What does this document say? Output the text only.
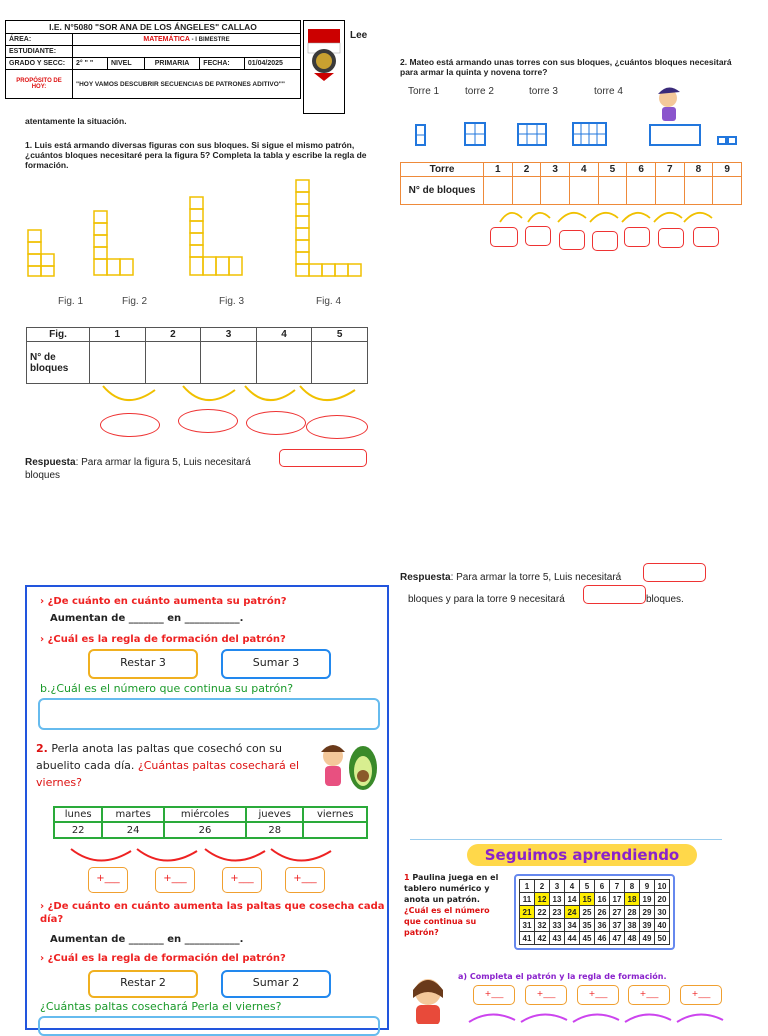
I.E. N°5080 "SOR ANA DE LOS ÁNGELES" CALLAO					
ÁREA:	MATEMÁTICA - I BIMESTRE				
ESTUDIANTE:					
GRADO Y SECC:	2° " "	NIVEL	PRIMARIA	FECHA:	01/04/2025
PROPÓSITO DE HOY:	"HOY VAMOS DESCUBRIR SECUENCIAS DE PATRONES ADITIVO""				
Lee
atentamente la situación.
1. Luis está armando diversas figuras con sus bloques. Si sigue el mismo patrón, ¿cuántos bloques necesitaré pera la figura 5? Completa la tabla y escribe la regla de formación.
Fig. 1	Fig. 2	Fig. 3	Fig. 4
Fig.	1	2	3	4	5
N° de bloques					
Respuesta: Para armar la figura 5, Luis necesitará
bloques
2. Mateo está armando unas torres con sus bloques, ¿cuántos bloques necesitará para armar la quinta y novena torre?
Torre 1	torre 2	torre 3	torre 4
Torre	1	2	3	4	5	6	7	8	9
N° de bloques									
Respuesta: Para armar la torre 5, Luis necesitará
bloques y para la torre 9 necesitará	bloques.
› ¿De cuánto en cuánto aumenta su patrón?
Aumentan de _______ en ___________.
› ¿Cuál es la regla de formación del patrón?
Restar 3	Sumar 3
b.¿Cuál es el número que continua su patrón?
2. Perla anota las paltas que cosechó con su abuelito cada día. ¿Cuántas paltas cosechará el viernes?
lunes	martes	miércoles	jueves	viernes
22	24	26	28	
+___	+___	+___	+___
› ¿De cuánto en cuánto aumenta las paltas que cosecha cada día?
Aumentan de _______ en ___________.
› ¿Cuál es la regla de formación del patrón?
Restar 2	Sumar 2
¿Cuántas paltas cosechará Perla el viernes?
Seguimos aprendiendo
1 Paulina juega en el tablero numérico y anota un patrón. ¿Cuál es el número que continua su patrón?
1	2	3	4	5	6	7	8	9	10
11	12	13	14	15	16	17	18	19	20
21	22	23	24	25	26	27	28	29	30
31	32	33	34	35	36	37	38	39	40
41	42	43	44	45	46	47	48	49	50
a) Completa el patrón y la regla de formación.
+___	+___	+___	+___	+___
